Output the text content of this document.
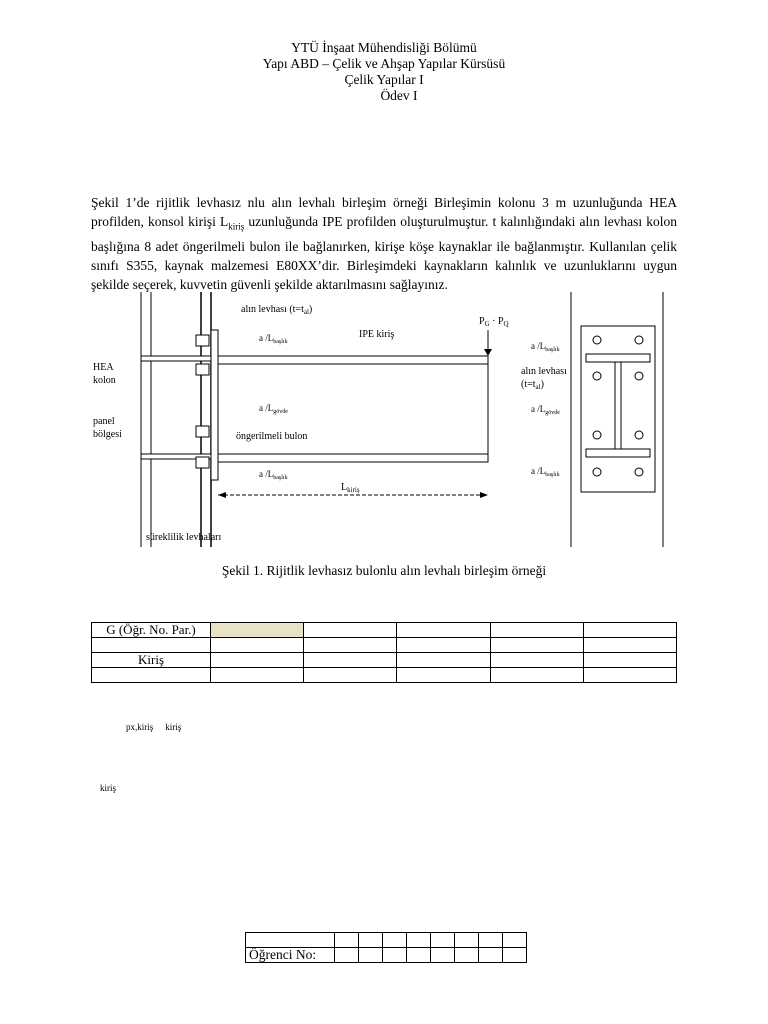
YTÜ İnşaat Mühendisliği Bölümü
Yapı ABD – Çelik ve Ahşap Yapılar Kürsüsü
Çelik Yapılar I
Ödev I
Şekil 1’de rijitlik levhasız nlu alın levhalı birleşim örneği Birleşimin kolonu 3 m uzunluğunda HEA profilden, konsol kirişi $L_{kiriş}$ uzunluğunda IPE profilden oluşturulmuştur. t kalınlığındaki alın levhası kolon başlığına 8 adet öngerilmeli bulon ile bağlanırken, kirişe köşe kaynaklar ile bağlanmıştır. Kullanılan çelik sınıfı S355, kaynak malzemesi E80XX’dir. Birleşimdeki kaynakların kalınlık ve uzunluklarını uygun şekilde seçerek, kuvvetin güvenli şekilde aktarılmasını sağlayınız.
alın levhası $(t=t_{al})$
HEA
kolon
panel
bölgesi
IPE kiriş
$P_G \cdot P_Q$
a $/L_{başlık}$
a $/L_{gövde}$
öngerilmeli bulon
a $/L_{başlık}$
$L_{kiriş}$
süreklilik levhaları
a $/L_{başlık}$
alın levhası
$(t=t_{al})$
a $/L_{gövde}$
a $/L_{başlık}$
Şekil 1. Rijitlik levhasız bulonlu alın levhalı birleşim örneği
G (Öğr. No. Par.)					

Kiriş					

px,kiriş kiriş
kiriş

Öğrenci No:								
